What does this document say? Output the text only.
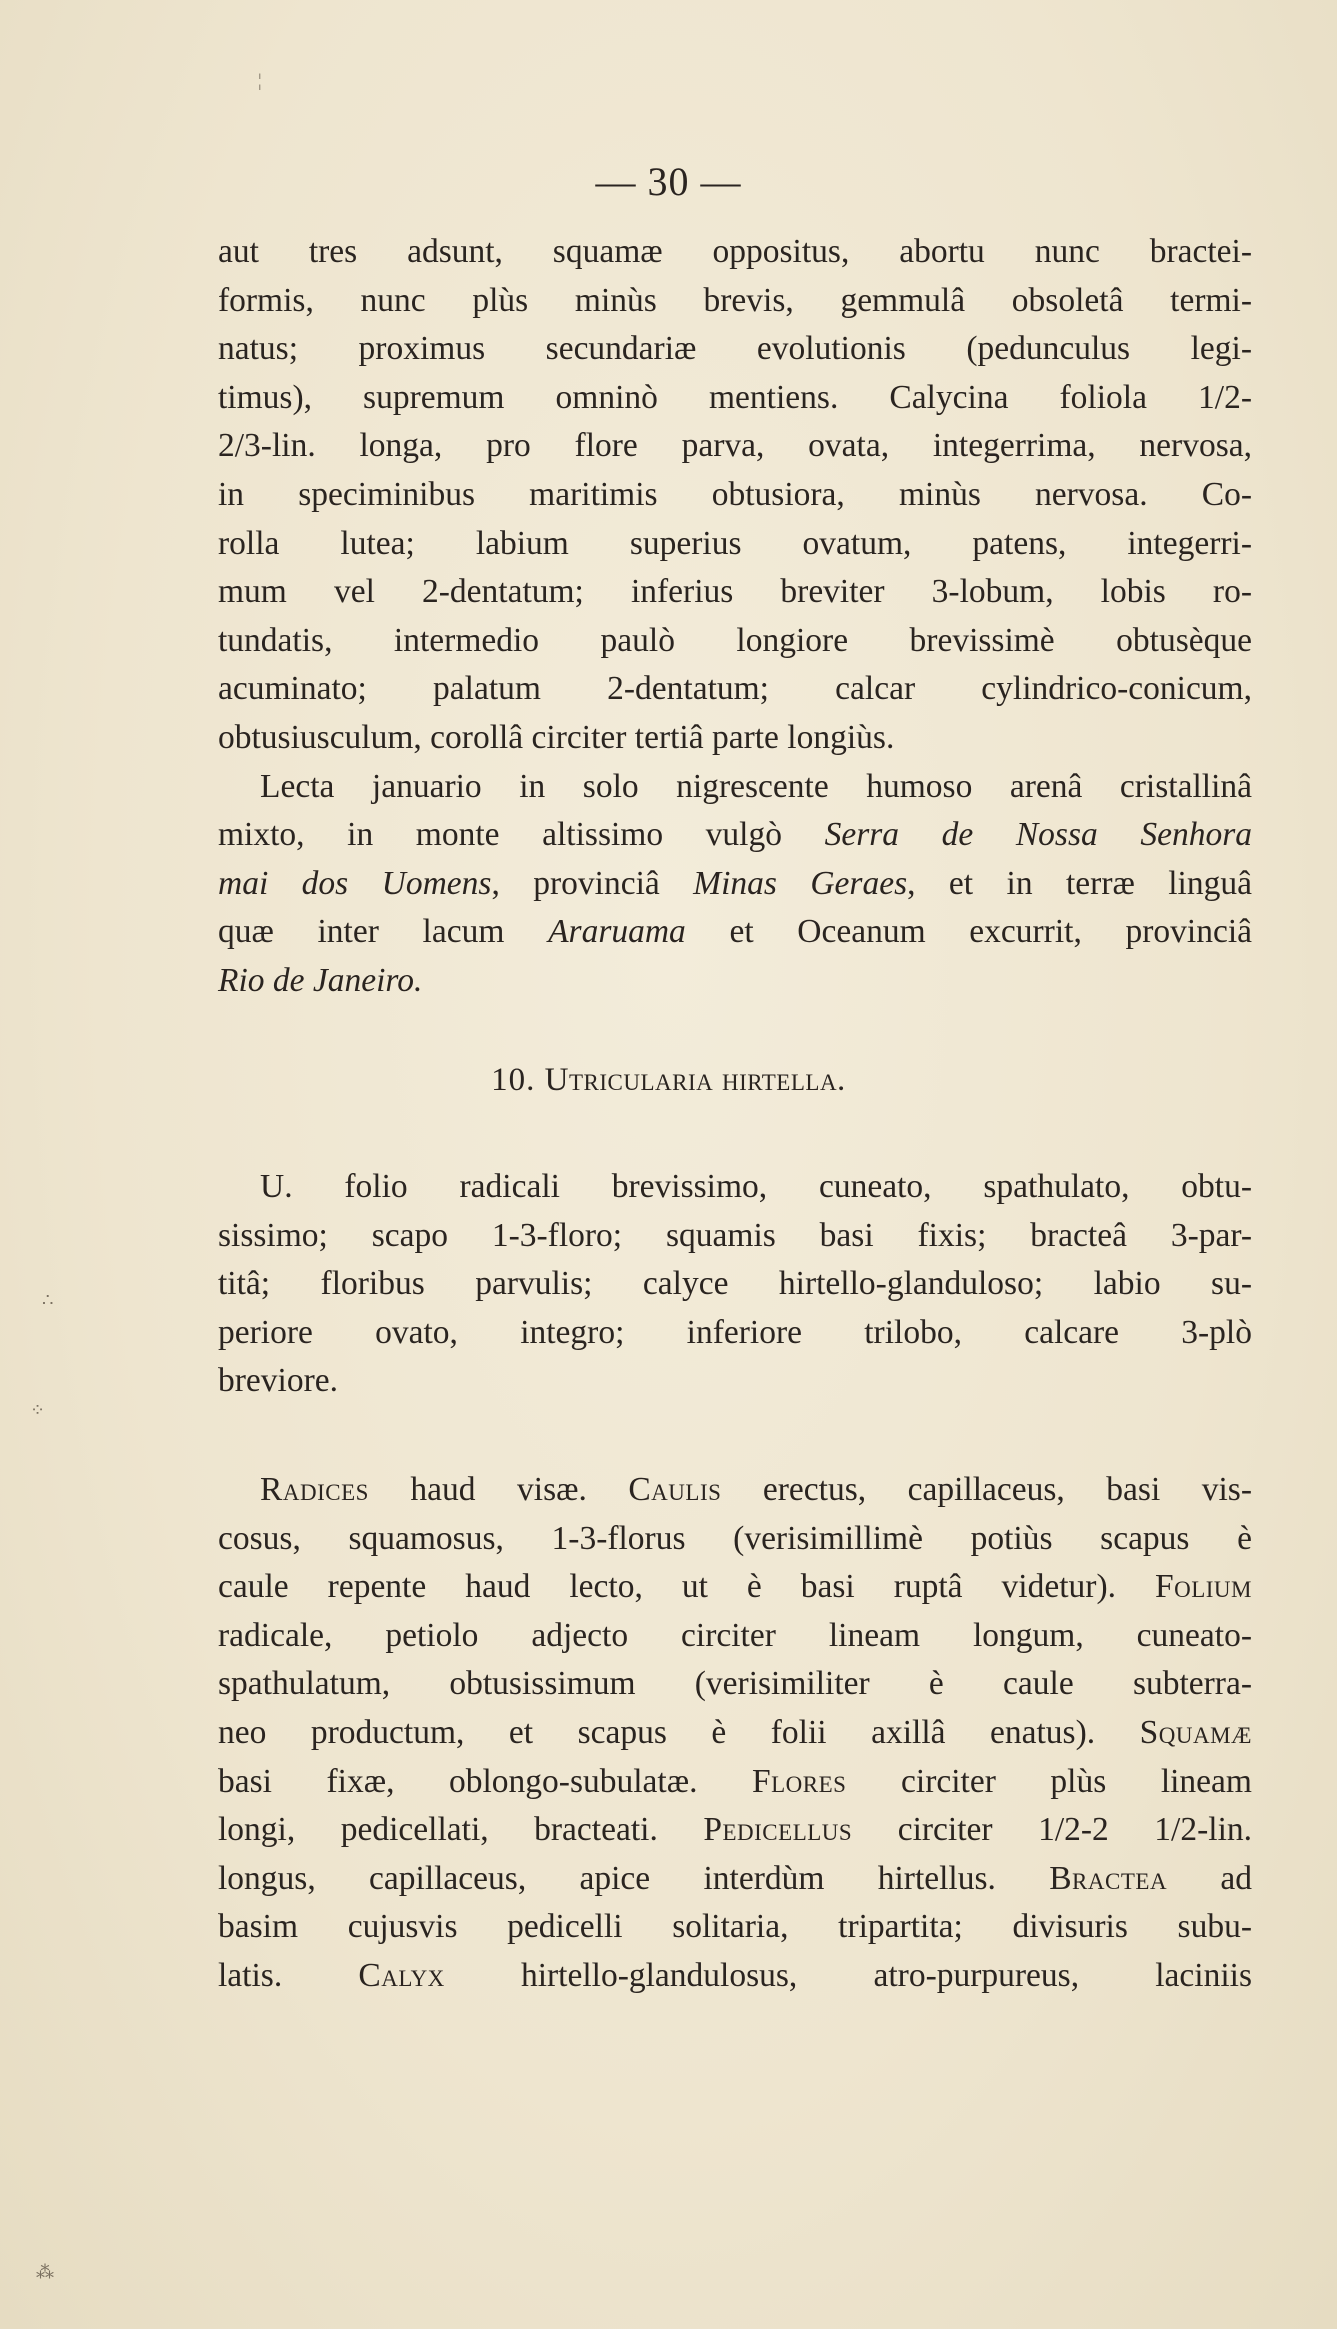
¦
— 30 —
aut tres adsunt, squamæ oppositus, abortu nunc bractei-
formis, nunc plùs minùs brevis, gemmulâ obsoletâ termi-
natus; proximus secundariæ evolutionis (pedunculus legi-
timus), supremum omninò mentiens. Calycina foliola 1/2-
2/3-lin. longa, pro flore parva, ovata, integerrima, nervosa,
in speciminibus maritimis obtusiora, minùs nervosa. Co-
rolla lutea; labium superius ovatum, patens, integerri-
mum vel 2-dentatum; inferius breviter 3-lobum, lobis ro-
tundatis, intermedio paulò longiore brevissimè obtusèque
acuminato; palatum 2-dentatum; calcar cylindrico-conicum,
obtusiusculum, corollâ circiter tertiâ parte longiùs.
Lecta januario in solo nigrescente humoso arenâ cristallinâ
mixto, in monte altissimo vulgò Serra de Nossa Senhora
mai dos Uomens, provinciâ Minas Geraes, et in terræ linguâ
quæ inter lacum Araruama et Oceanum excurrit, provinciâ
Rio de Janeiro.
10. Utricularia hirtella.
U. folio radicali brevissimo, cuneato, spathulato, obtu-
sissimo; scapo 1-3-floro; squamis basi fixis; bracteâ 3-par-
titâ; floribus parvulis; calyce hirtello-glanduloso; labio su-
periore ovato, integro; inferiore trilobo, calcare 3-plò
breviore.
Radices haud visæ. Caulis erectus, capillaceus, basi vis-
cosus, squamosus, 1-3-florus (verisimillimè potiùs scapus è
caule repente haud lecto, ut è basi ruptâ videtur). Folium
radicale, petiolo adjecto circiter lineam longum, cuneato-
spathulatum, obtusissimum (verisimiliter è caule subterra-
neo productum, et scapus è folii axillâ enatus). Squamæ
basi fixæ, oblongo-subulatæ. Flores circiter plùs lineam
longi, pedicellati, bracteati. Pedicellus circiter 1/2-2 1/2-lin.
longus, capillaceus, apice interdùm hirtellus. Bractea ad
basim cujusvis pedicelli solitaria, tripartita; divisuris subu-
latis. Calyx hirtello-glandulosus, atro-purpureus, laciniis
∴
⁘
⁂
